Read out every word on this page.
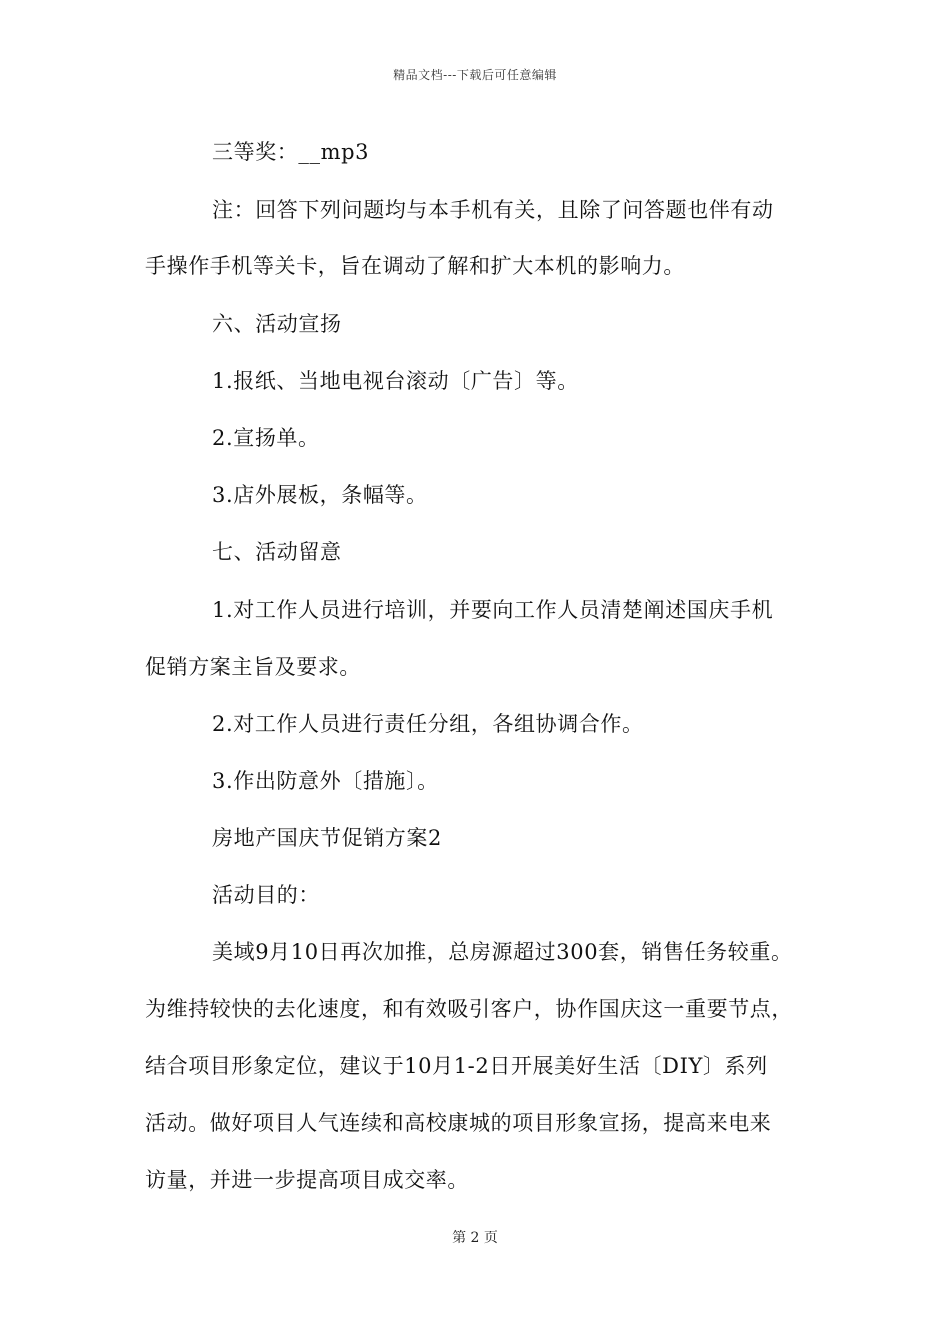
精品文档---下载后可任意编辑
三等奖：__mp3
注：回答下列问题均与本手机有关，且除了问答题也伴有动
手操作手机等关卡，旨在调动了解和扩大本机的影响力。
六、活动宣扬
1.报纸、当地电视台滚动〔广告〕等。
2.宣扬单。
3.店外展板，条幅等。
七、活动留意
1.对工作人员进行培训，并要向工作人员清楚阐述国庆手机
促销方案主旨及要求。
2.对工作人员进行责任分组，各组协调合作。
3.作出防意外〔措施〕。
房地产国庆节促销方案2
活动目的：
美域9月10日再次加推，总房源超过300套，销售任务较重。
为维持较快的去化速度，和有效吸引客户，协作国庆这一重要节点，
结合项目形象定位，建议于10月1-2日开展美好生活〔DIY〕系列
活动。做好项目人气连续和高校康城的项目形象宣扬，提高来电来
访量，并进一步提高项目成交率。
第 2 页
